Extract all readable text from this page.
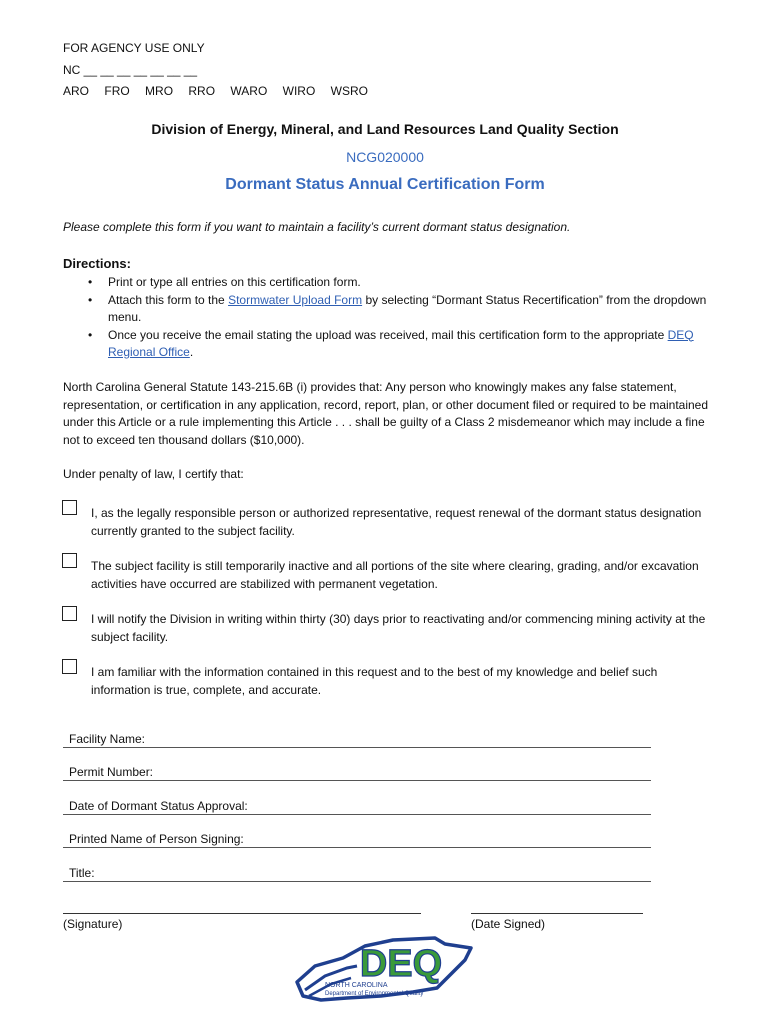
FOR AGENCY USE ONLY
NC __ __ __ __ __ __ __
ARO FRO MRO RRO WARO WIRO WSRO
Division of Energy, Mineral, and Land Resources Land Quality Section
NCG020000
Dormant Status Annual Certification Form
Please complete this form if you want to maintain a facility’s current dormant status designation.
Directions:
• Print or type all entries on this certification form.
• Attach this form to the Stormwater Upload Form by selecting “Dormant Status Recertification” from the dropdown menu.
• Once you receive the email stating the upload was received, mail this certification form to the appropriate DEQ Regional Office.
North Carolina General Statute 143-215.6B (i) provides that: Any person who knowingly makes any false statement, representation, or certification in any application, record, report, plan, or other document filed or required to be maintained under this Article or a rule implementing this Article . . . shall be guilty of a Class 2 misdemeanor which may include a fine not to exceed ten thousand dollars ($10,000).
Under penalty of law, I certify that:
I, as the legally responsible person or authorized representative, request renewal of the dormant status designation currently granted to the subject facility.
The subject facility is still temporarily inactive and all portions of the site where clearing, grading, and/or excavation activities have occurred are stabilized with permanent vegetation.
I will notify the Division in writing within thirty (30) days prior to reactivating and/or commencing mining activity at the subject facility.
I am familiar with the information contained in this request and to the best of my knowledge and belief such information is true, complete, and accurate.
Facility Name:
Permit Number:
Date of Dormant Status Approval:
Printed Name of Person Signing:
Title:
(Signature)	(Date Signed)
DEQ
NORTH CAROLINA
Department of Environmental Quality
